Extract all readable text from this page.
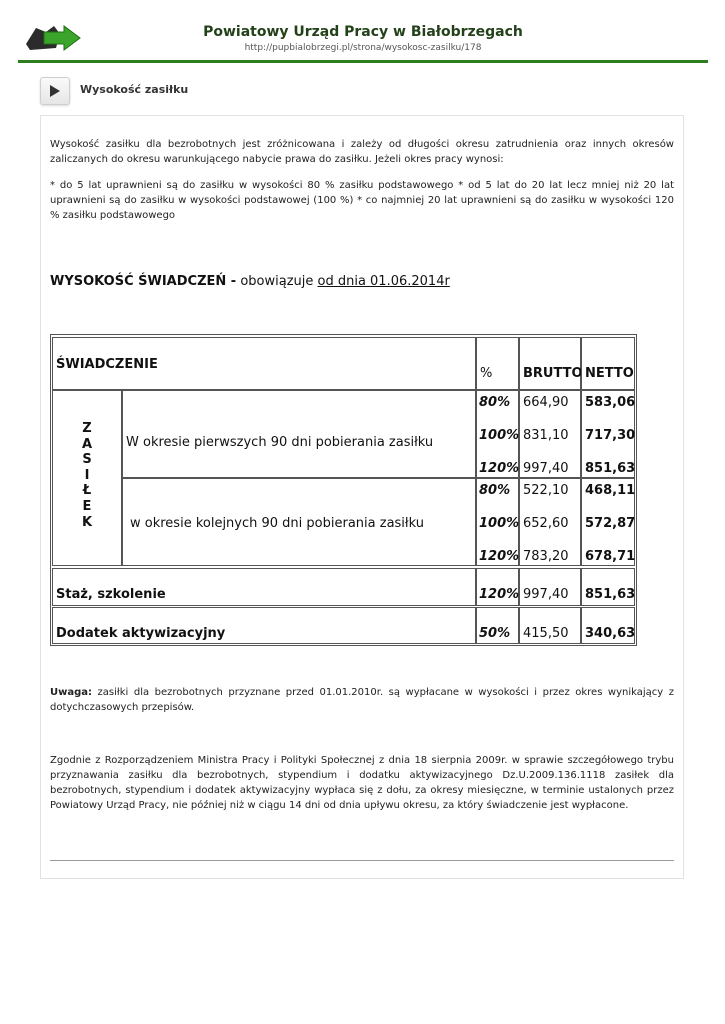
Powiatowy Urząd Pracy w Białobrzegach
http://pupbialobrzegi.pl/strona/wysokosc-zasilku/178
Wysokość zasiłku
Wysokość zasiłku dla bezrobotnych jest zróżnicowana i zależy od długości okresu zatrudnienia oraz innych okresów zaliczanych do okresu warunkującego nabycie prawa do zasiłku. Jeżeli okres pracy wynosi:
* do 5 lat uprawnieni są do zasiłku w wysokości 80 % zasiłku podstawowego * od 5 lat do 20 lat lecz mniej niż 20 lat uprawnieni są do zasiłku w wysokości podstawowej (100 %) * co najmniej 20 lat uprawnieni są do zasiłku w wysokości 120 % zasiłku podstawowego
WYSOKOŚĆ ŚWIADCZEŃ - obowiązuje od dnia 01.06.2014r
ŚWIADCZENIE
% BRUTTO NETTO
Z
A
S
I
Ł
E
K
W okresie pierwszych 90 dni pobierania zasiłku
80%
100%
120%
664,90
831,10
997,40
583,06
717,30
851,63
w okresie kolejnych 90 dni pobierania zasiłku
80%
100%
120%
522,10
652,60
783,20
468,11
572,87
678,71
Staż, szkolenie	120% 997,40 851,63
Dodatek aktywizacyjny	50% 415,50 340,63
Uwaga: zasiłki dla bezrobotnych przyznane przed 01.01.2010r. są wypłacane w wysokości i przez okres wynikający z dotychczasowych przepisów.
Zgodnie z Rozporządzeniem Ministra Pracy i Polityki Społecznej z dnia 18 sierpnia 2009r. w sprawie szczegółowego trybu przyznawania zasiłku dla bezrobotnych, stypendium i dodatku aktywizacyjnego Dz.U.2009.136.1118 zasiłek dla bezrobotnych, stypendium i dodatek aktywizacyjny wypłaca się z dołu, za okresy miesięczne, w terminie ustalonych przez Powiatowy Urząd Pracy, nie później niż w ciągu 14 dni od dnia upływu okresu, za który świadczenie jest wypłacone.
